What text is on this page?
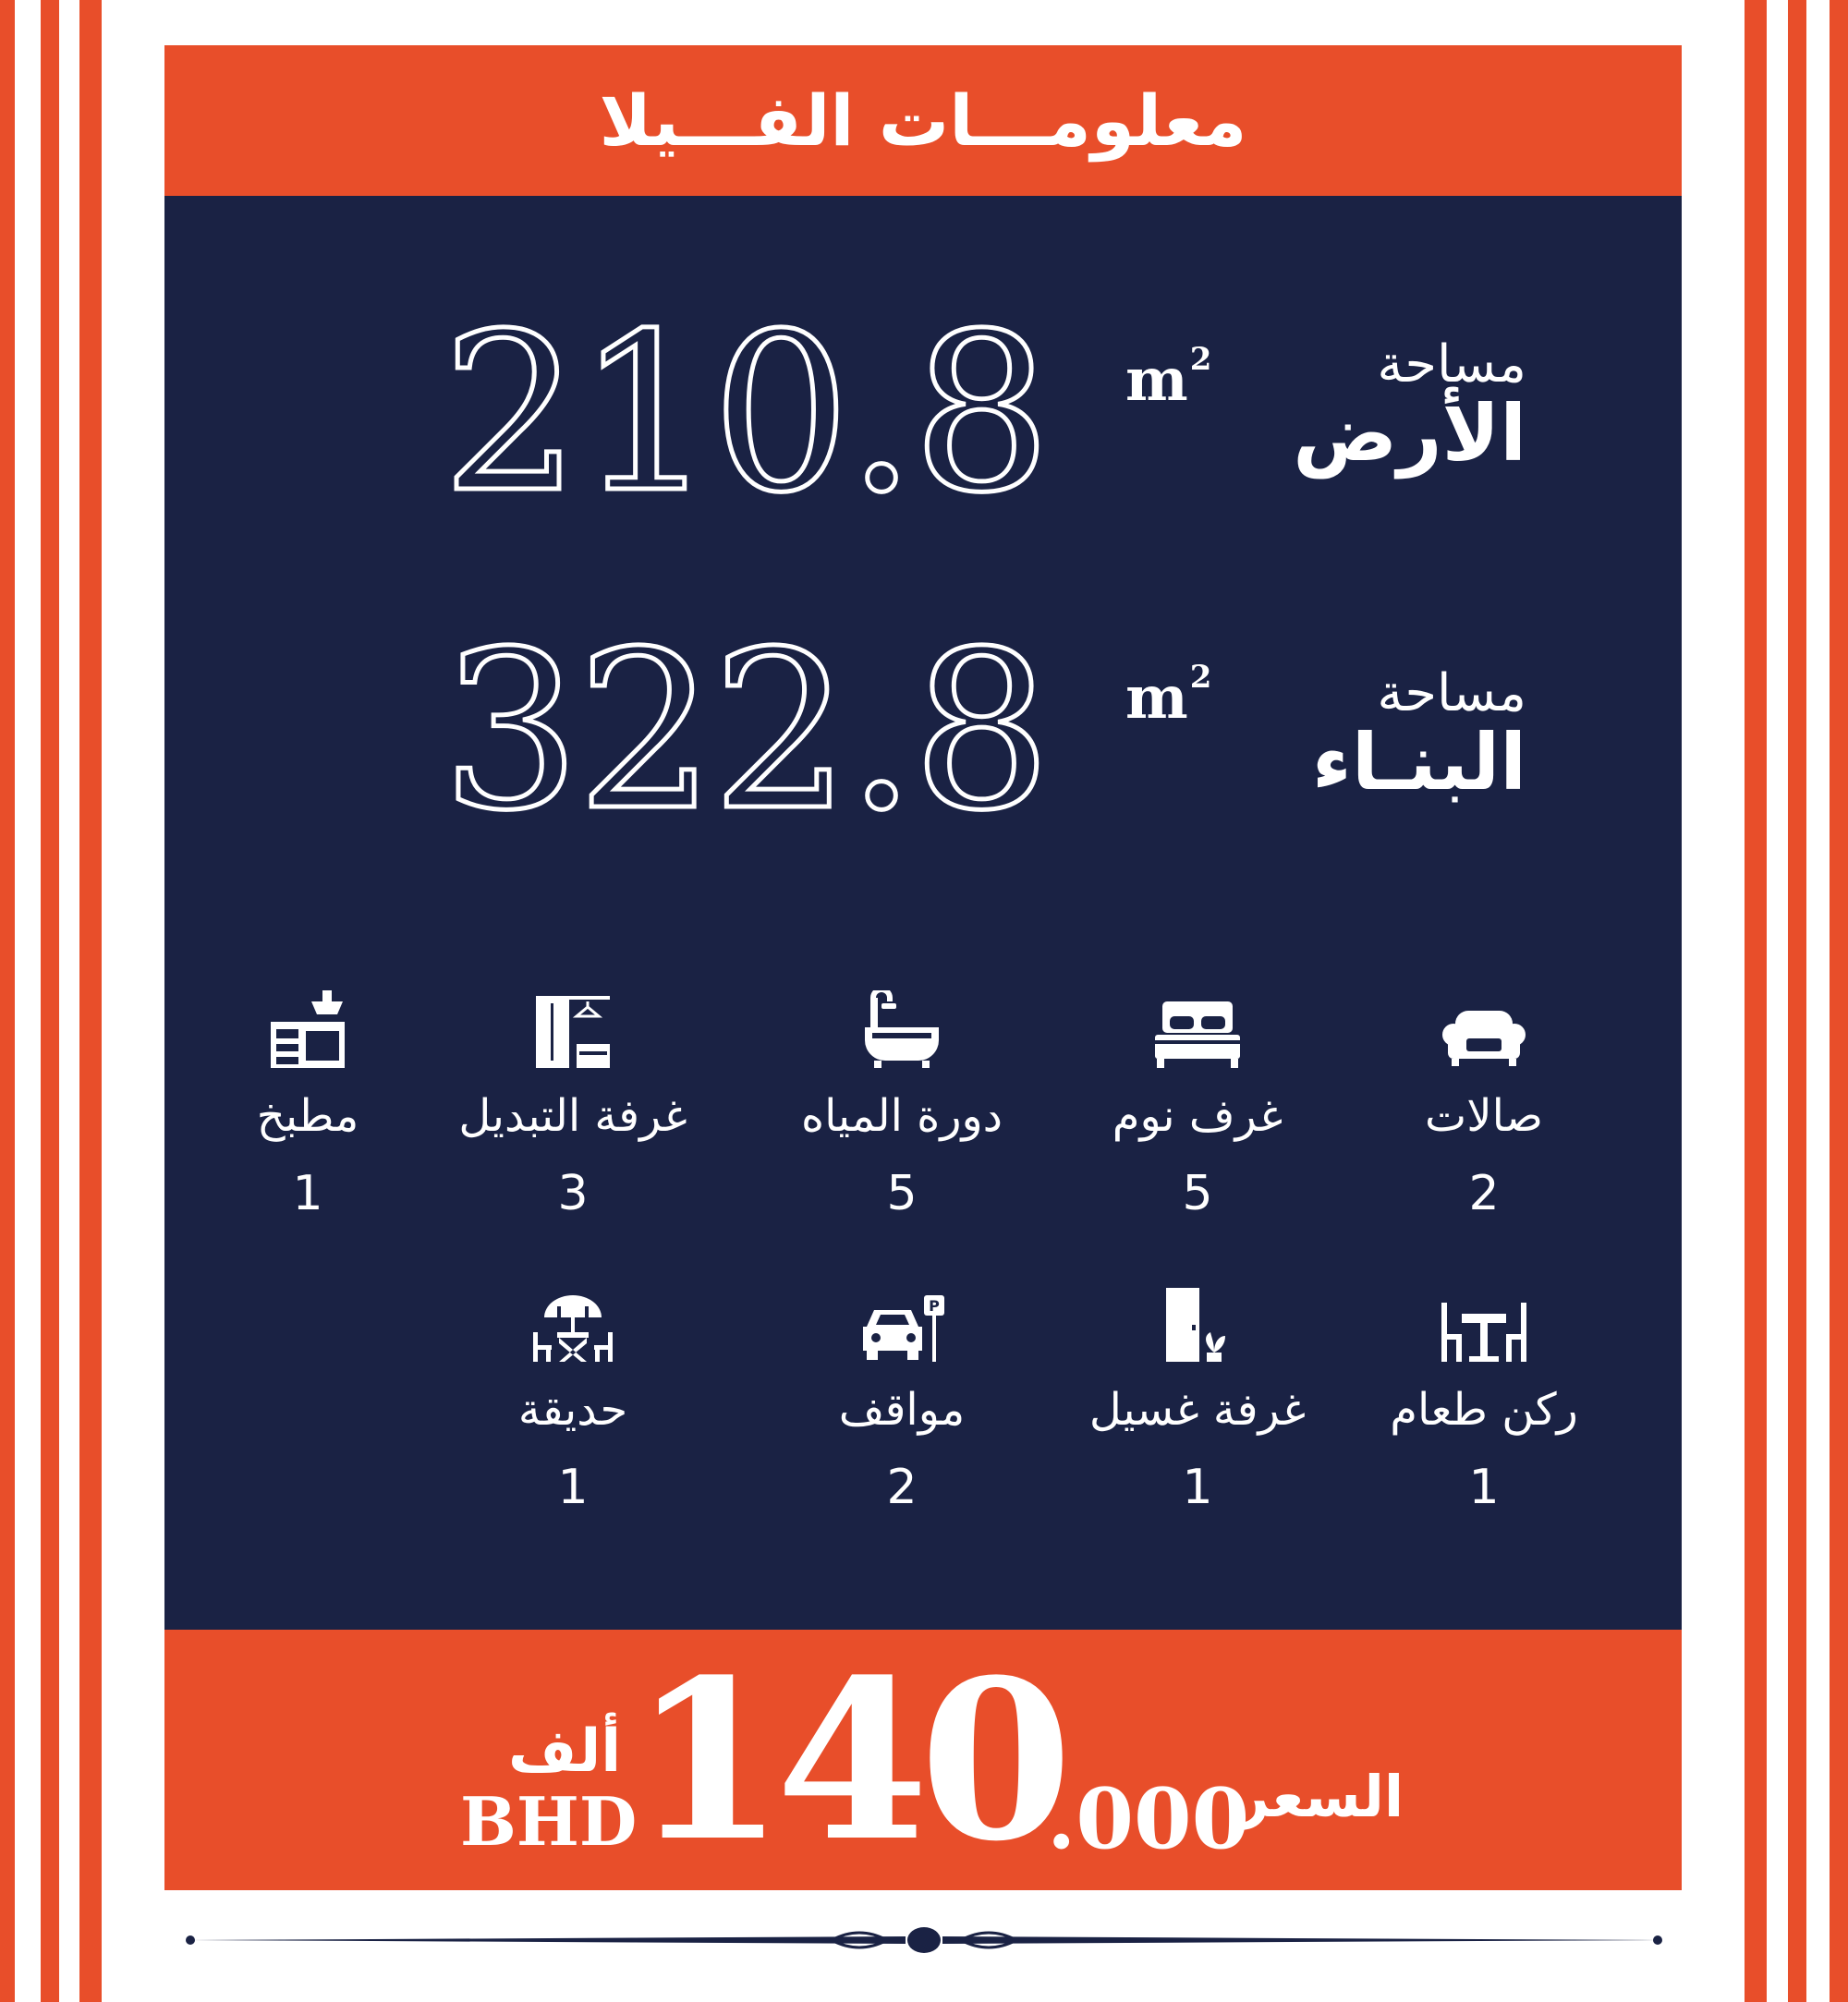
معلومـــات الفـــيلا
210.8 $m^2$	مساحة
الأرض
322.8 $m^2$	مساحة
البنـاء
صالات
2
غرف نوم
5
دورة المياه
5
غرفة التبديل
3
مطبخ
1
ركن طعام
1
غرفة غسيل
1
P
مواقف
2
حديقة
1
140
.000
ألف
BHD	السعر
